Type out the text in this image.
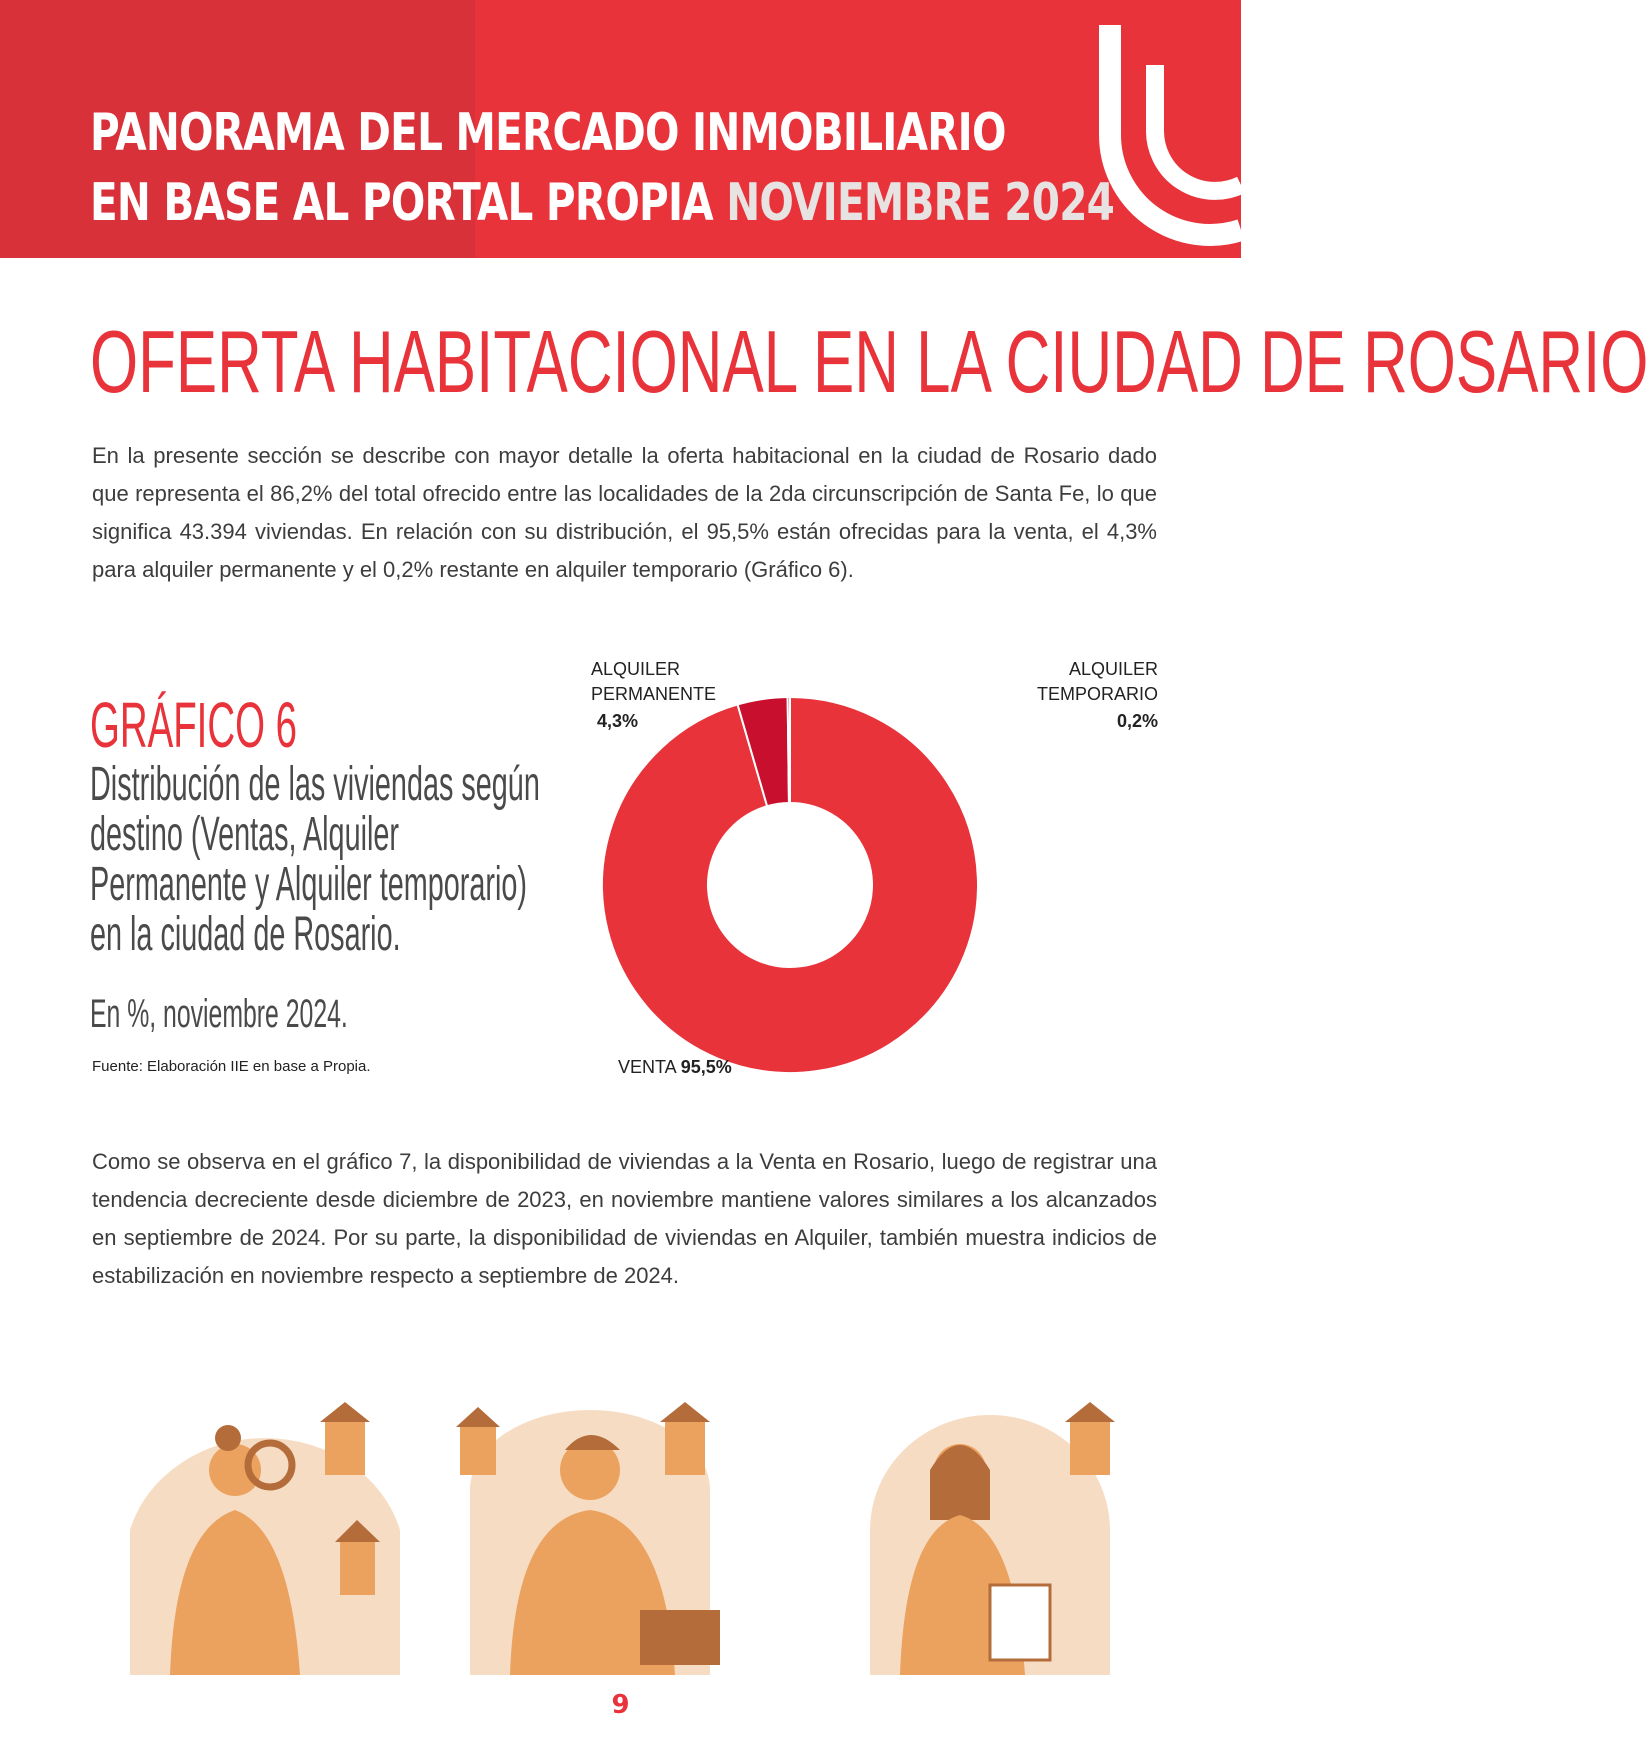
PANORAMA DEL MERCADO INMOBILIARIO
EN BASE AL PORTAL PROPIA NOVIEMBRE 2024
OFERTA HABITACIONAL EN LA CIUDAD DE ROSARIO

En la presente sección se describe con mayor detalle la oferta habitacional en la ciudad de Rosario dado que representa el 86,2% del total ofrecido entre las localidades de la 2da circunscripción de Santa Fe, lo que significa 43.394 viviendas. En relación con su distribución, el 95,5% están ofrecidas para la venta, el 4,3% para alquiler permanente y el 0,2% restante en alquiler temporario (Gráfico 6).

GRÁFICO 6
Distribución de las viviendas según destino (Ventas, Alquiler Permanente y Alquiler temporario) en la ciudad de Rosario.
En %, noviembre 2024.
Fuente: Elaboración IIE en base a Propia.
ALQUILER
PERMANENTE
4,3%
ALQUILER
TEMPORARIO
0,2%
VENTA 95,5%

Como se observa en el gráfico 7, la disponibilidad de viviendas a la Venta en Rosario, luego de registrar una tendencia decreciente desde diciembre de 2023, en noviembre mantiene valores similares a los alcanzados en septiembre de 2024. Por su parte, la disponibilidad de viviendas en Alquiler, también muestra indicios de estabilización en noviembre respecto a septiembre de 2024.

9
